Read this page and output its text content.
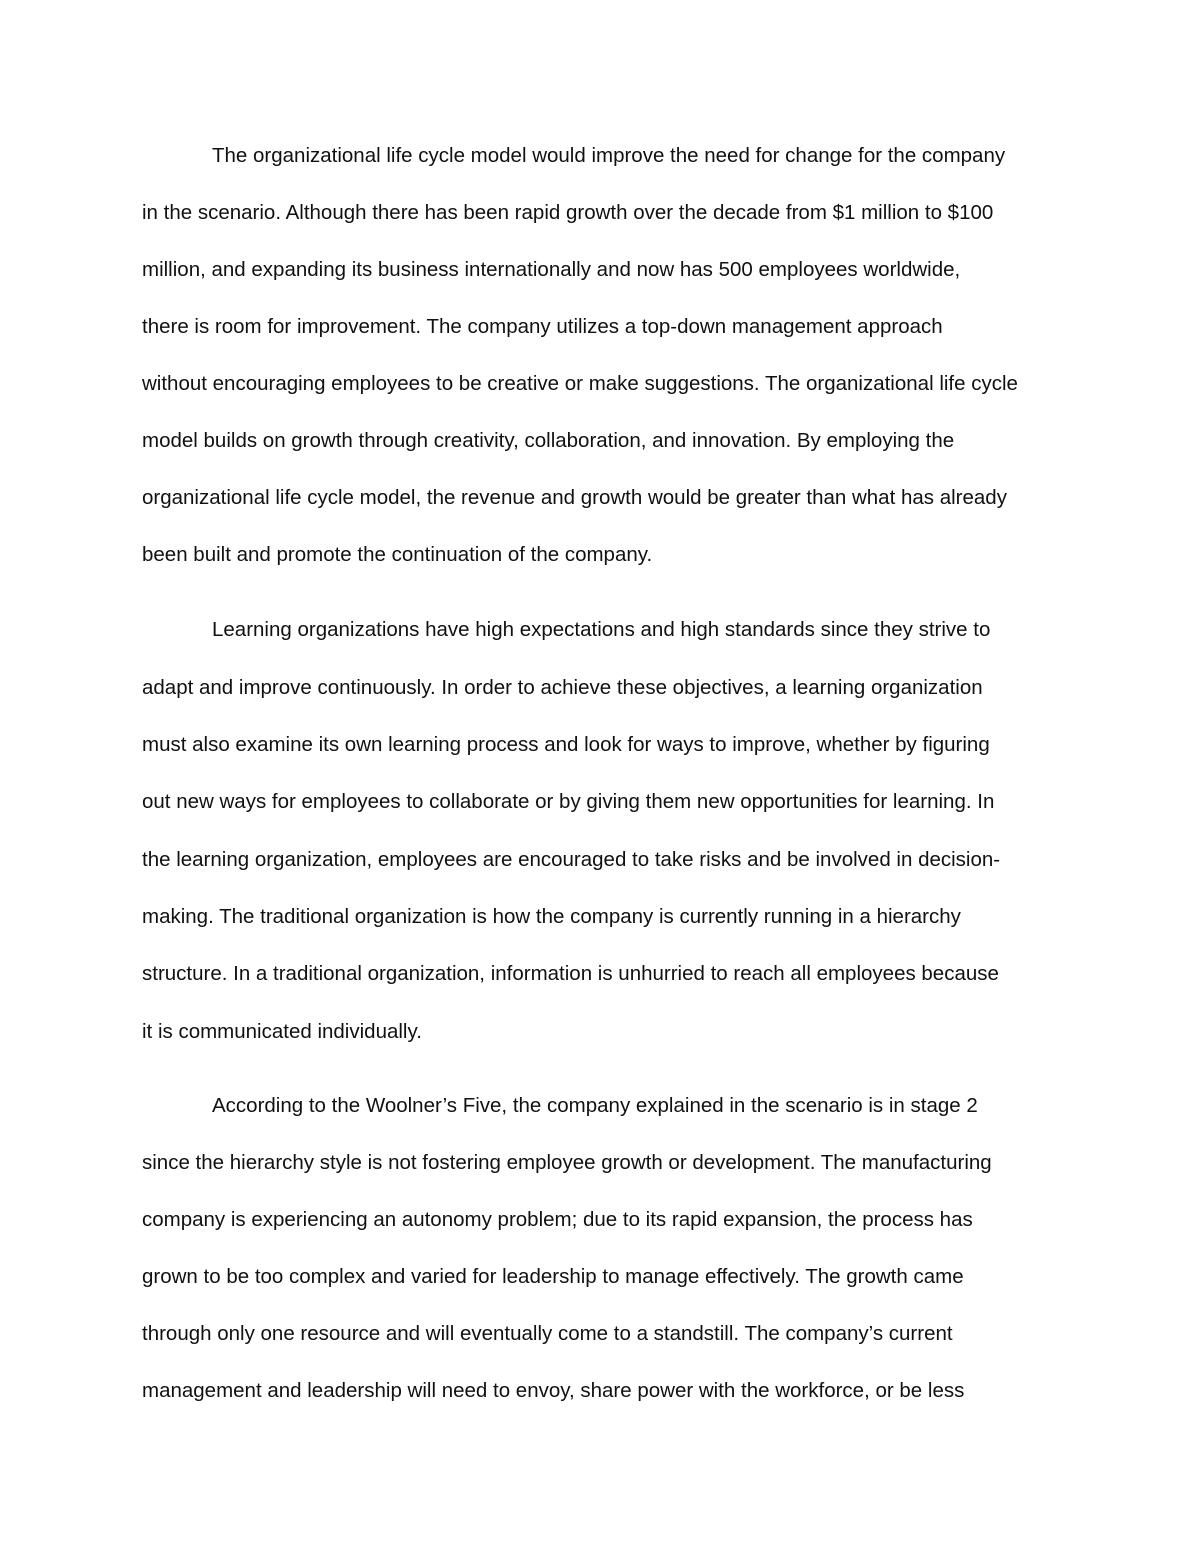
The organizational life cycle model would improve the need for change for the company
in the scenario. Although there has been rapid growth over the decade from $1 million to $100
million, and expanding its business internationally and now has 500 employees worldwide,
there is room for improvement. The company utilizes a top-down management approach
without encouraging employees to be creative or make suggestions. The organizational life cycle
model builds on growth through creativity, collaboration, and innovation. By employing the
organizational life cycle model, the revenue and growth would be greater than what has already
been built and promote the continuation of the company.
Learning organizations have high expectations and high standards since they strive to
adapt and improve continuously. In order to achieve these objectives, a learning organization
must also examine its own learning process and look for ways to improve, whether by figuring
out new ways for employees to collaborate or by giving them new opportunities for learning. In
the learning organization, employees are encouraged to take risks and be involved in decision-
making. The traditional organization is how the company is currently running in a hierarchy
structure. In a traditional organization, information is unhurried to reach all employees because
it is communicated individually.
According to the Woolner’s Five, the company explained in the scenario is in stage 2
since the hierarchy style is not fostering employee growth or development. The manufacturing
company is experiencing an autonomy problem; due to its rapid expansion, the process has
grown to be too complex and varied for leadership to manage effectively. The growth came
through only one resource and will eventually come to a standstill. The company’s current
management and leadership will need to envoy, share power with the workforce, or be less
